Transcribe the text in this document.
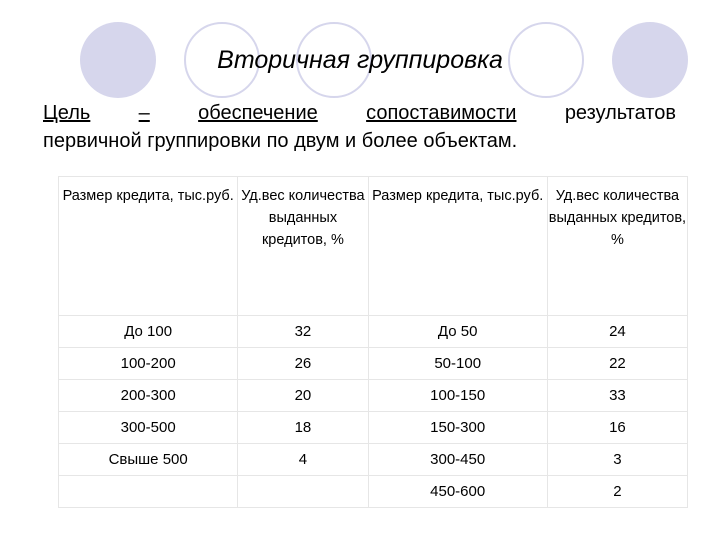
Вторичная группировка
Цель – обеспечение сопоставимости результатов
первичной группировки по двум и более объектам.
Размер кредита, тыс.руб.	Уд.вес количества выданных кредитов, %	Размер кредита, тыс.руб.	Уд.вес количества выданных кредитов, %
До 100	32	До 50	24
100-200	26	50-100	22
200-300	20	100-150	33
300-500	18	150-300	16
Свыше 500	4	300-450	3
		450-600	2
